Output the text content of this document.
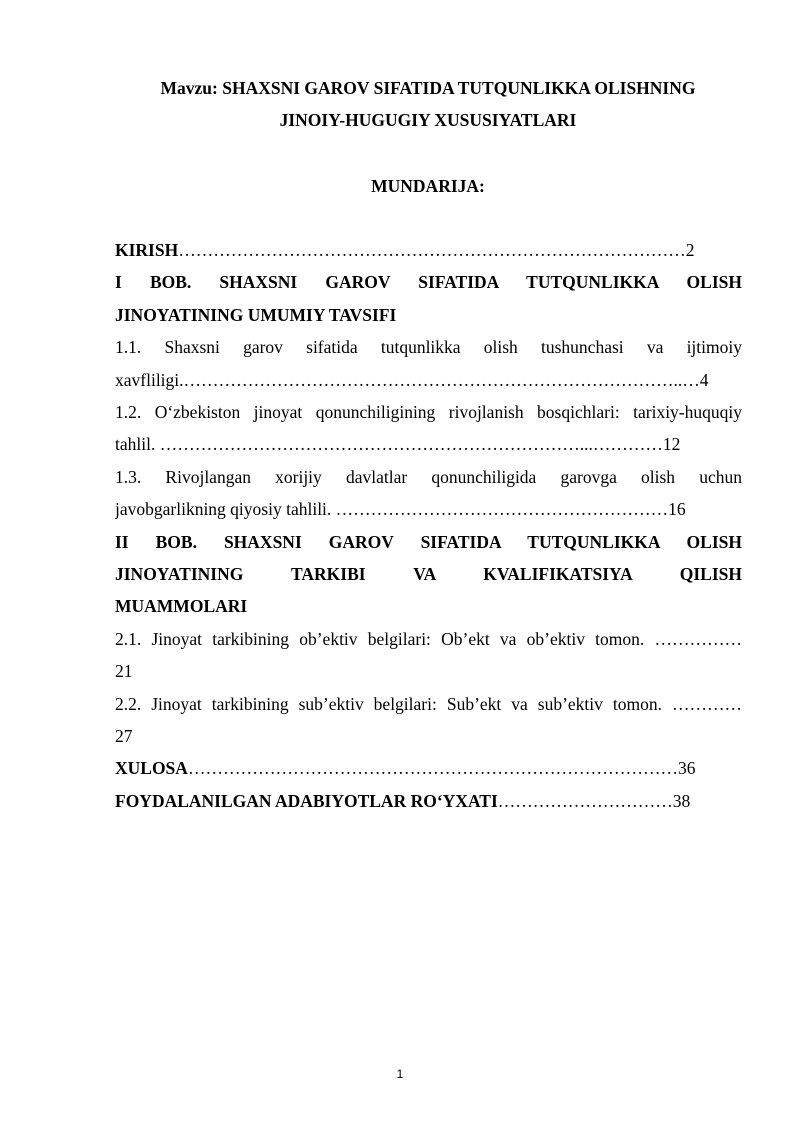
Mavzu: SHAXSNI GAROV SIFATIDA TUTQUNLIKKA OLISHNING
JINOIY-HUGUGIY XUSUSIYATLARI
MUNDARIJA:
KIRISH……………………………………………………………………………2
I BOB. SHAXSNI GAROV SIFATIDA TUTQUNLIKKA OLISH
JINOYATINING UMUMIY TAVSIFI
1.1. Shaxsni garov sifatida tutqunlikka olish tushunchasi va ijtimoiy
xavfliligi.…………………………………………………………………………..…4
1.2. O‘zbekiston jinoyat qonunchiligining rivojlanish bosqichlari: tarixiy-huquqiy
tahlil. ………………………………………………………………...…………12
1.3. Rivojlangan xorijiy davlatlar qonunchiligida garovga olish uchun
javobgarlikning qiyosiy tahlili. …………………………………………………16
II BOB. SHAXSNI GAROV SIFATIDA TUTQUNLIKKA OLISH
JINOYATINING TARKIBI VA KVALIFIKATSIYA QILISH
MUAMMOLARI
2.1. Jinoyat tarkibining ob’ektiv belgilari: Ob’ekt va ob’ektiv tomon. ……………
21
2.2. Jinoyat tarkibining sub’ektiv belgilari: Sub’ekt va sub’ektiv tomon. …………
27
XULOSA…………………………………………………………………………36
FOYDALANILGAN ADABIYOTLAR RO‘YXATI…………………………38
1
